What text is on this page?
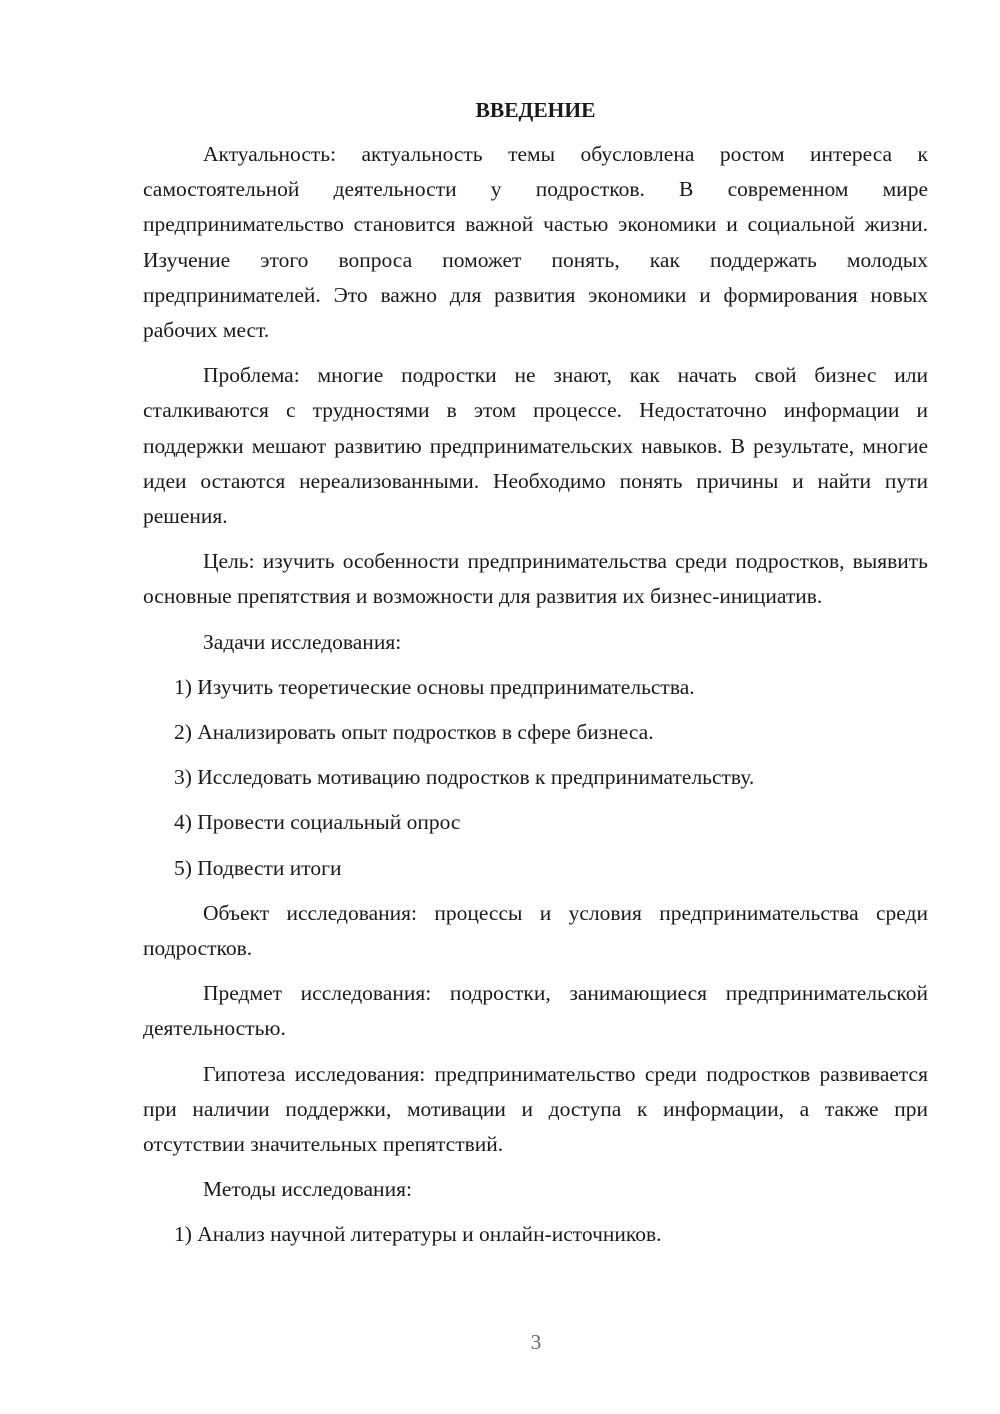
ВВЕДЕНИЕ

Актуальность: актуальность темы обусловлена ростом интереса к самостоятельной деятельности у подростков. В современном мире предпринимательство становится важной частью экономики и социальной жизни. Изучение этого вопроса поможет понять, как поддержать молодых предпринимателей. Это важно для развития экономики и формирования новых рабочих мест.

Проблема: многие подростки не знают, как начать свой бизнес или сталкиваются с трудностями в этом процессе. Недостаточно информации и поддержки мешают развитию предпринимательских навыков. В результате, многие идеи остаются нереализованными. Необходимо понять причины и найти пути решения.

Цель: изучить особенности предпринимательства среди подростков, выявить основные препятствия и возможности для развития их бизнес-инициатив.

Задачи исследования:

1) Изучить теоретические основы предпринимательства.
2) Анализировать опыт подростков в сфере бизнеса.
3) Исследовать мотивацию подростков к предпринимательству.
4) Провести социальный опрос
5) Подвести итоги

Объект исследования: процессы и условия предпринимательства среди подростков.

Предмет исследования: подростки, занимающиеся предпринимательской деятельностью.

Гипотеза исследования: предпринимательство среди подростков развивается при наличии поддержки, мотивации и доступа к информации, а также при отсутствии значительных препятствий.

Методы исследования:

1) Анализ научной литературы и онлайн-источников.
3
